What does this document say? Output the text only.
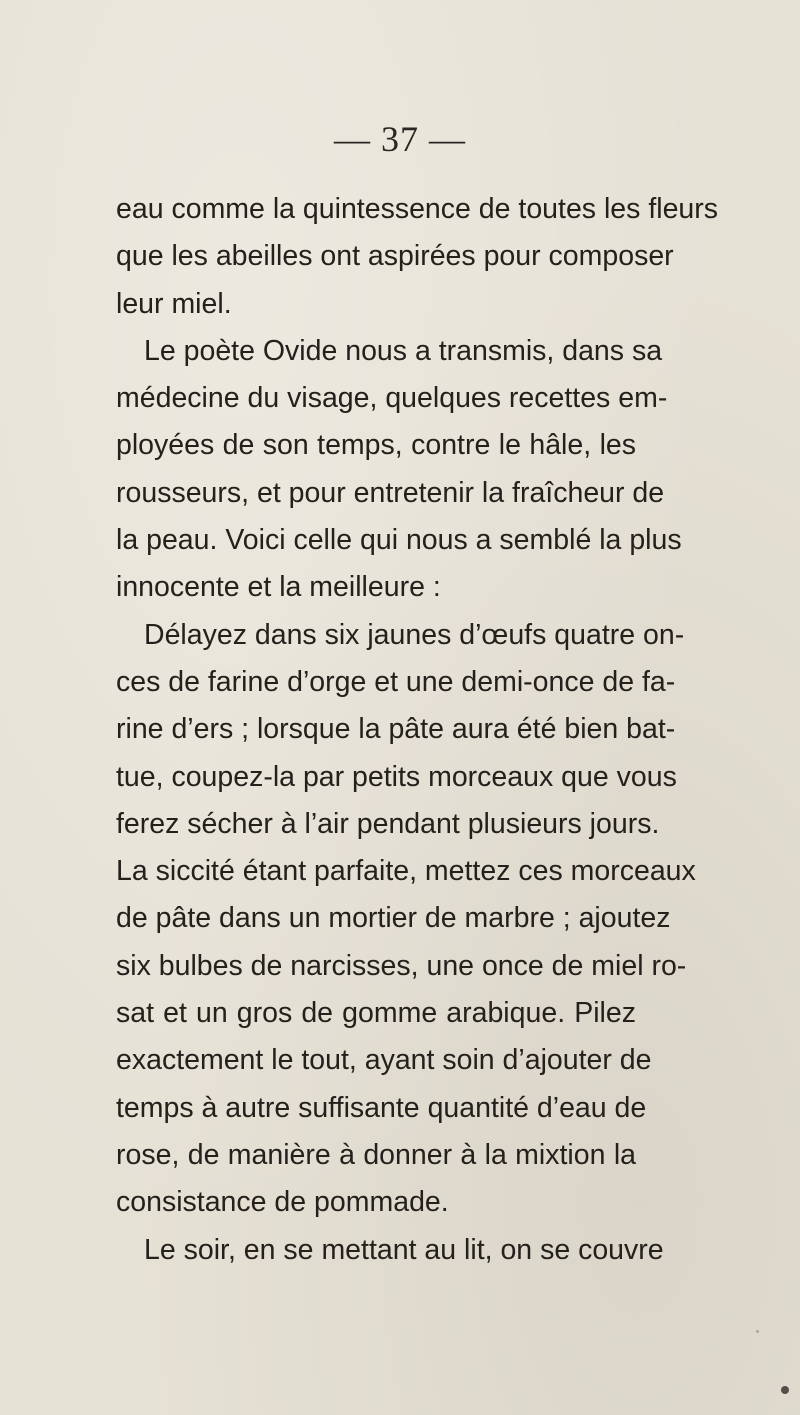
— 37 —
eau comme la quintessence de toutes les fleurs
que les abeilles ont aspirées pour composer
leur miel.
Le poète Ovide nous a transmis, dans sa
médecine du visage, quelques recettes em-
ployées de son temps, contre le hâle, les
rousseurs, et pour entretenir la fraîcheur de
la peau. Voici celle qui nous a semblé la plus
innocente et la meilleure :
Délayez dans six jaunes d’œufs quatre on-
ces de farine d’orge et une demi-once de fa-
rine d’ers ; lorsque la pâte aura été bien bat-
tue, coupez-la par petits morceaux que vous
ferez sécher à l’air pendant plusieurs jours.
La siccité étant parfaite, mettez ces morceaux
de pâte dans un mortier de marbre ; ajoutez
six bulbes de narcisses, une once de miel ro-
sat et un gros de gomme arabique. Pilez
exactement le tout, ayant soin d’ajouter de
temps à autre suffisante quantité d’eau de
rose, de manière à donner à la mixtion la
consistance de pommade.
Le soir, en se mettant au lit, on se couvre
